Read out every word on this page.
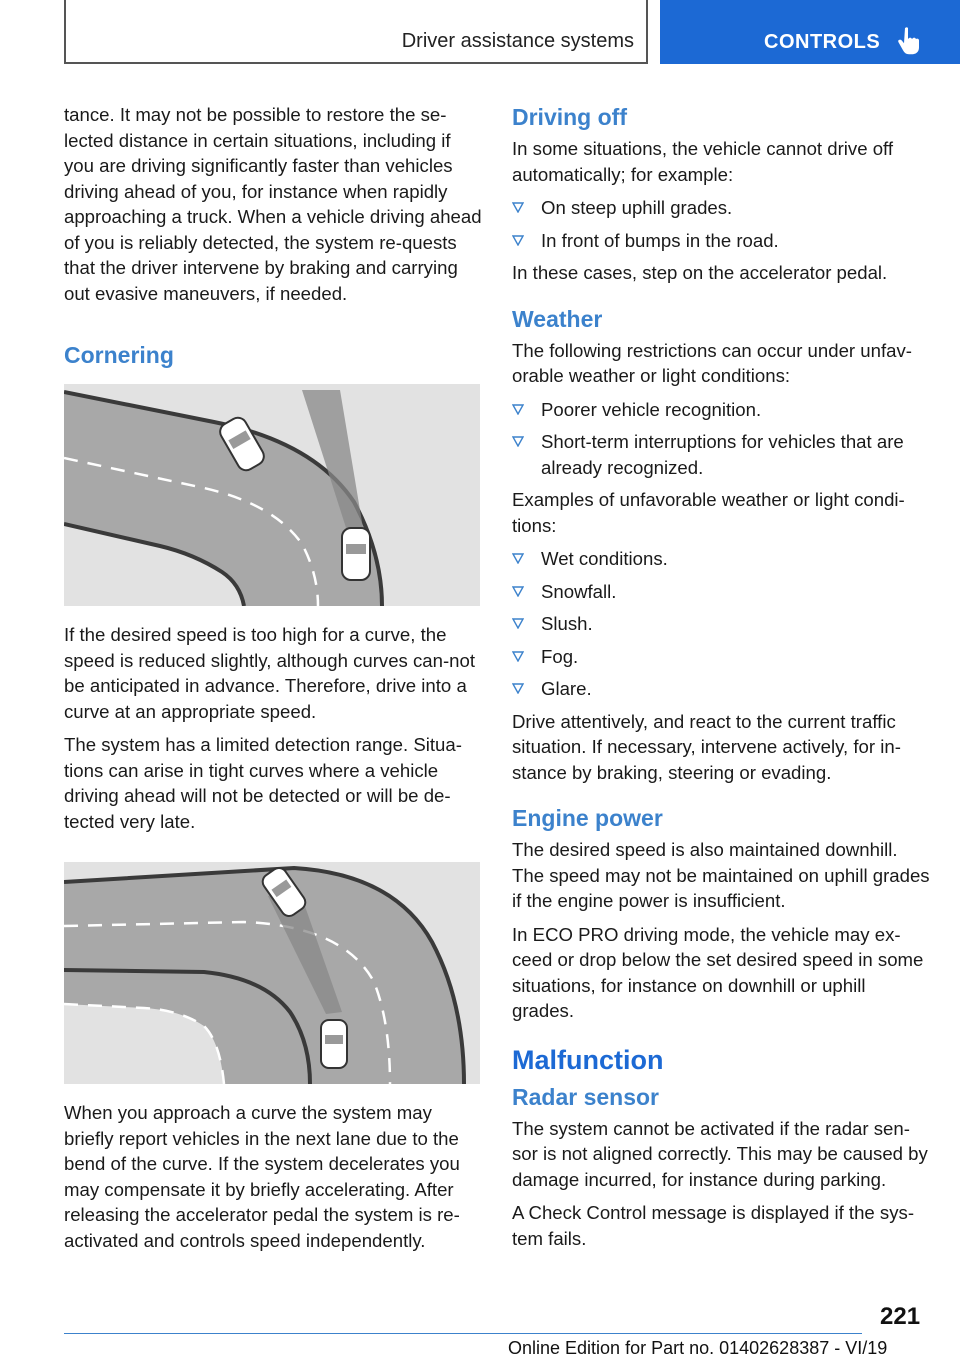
Driver assistance systems	CONTROLS

tance. It may not be possible to restore the se-lected distance in certain situations, including if you are driving significantly faster than vehicles driving ahead of you, for instance when rapidly approaching a truck. When a vehicle driving ahead of you is reliably detected, the system re-quests that the driver intervene by braking and carrying out evasive maneuvers, if needed.

Cornering

If the desired speed is too high for a curve, the speed is reduced slightly, although curves can-not be anticipated in advance. Therefore, drive into a curve at an appropriate speed.

The system has a limited detection range. Situa-tions can arise in tight curves where a vehicle driving ahead will not be detected or will be de-tected very late.

When you approach a curve the system may briefly report vehicles in the next lane due to the bend of the curve. If the system decelerates you may compensate it by briefly accelerating. After releasing the accelerator pedal the system is re-activated and controls speed independently.

Driving off

In some situations, the vehicle cannot drive off automatically; for example:

On steep uphill grades.
In front of bumps in the road.

In these cases, step on the accelerator pedal.

Weather

The following restrictions can occur under unfav-orable weather or light conditions:

Poorer vehicle recognition.
Short-term interruptions for vehicles that are already recognized.

Examples of unfavorable weather or light condi-tions:

Wet conditions.
Snowfall.
Slush.
Fog.
Glare.

Drive attentively, and react to the current traffic situation. If necessary, intervene actively, for in-stance by braking, steering or evading.

Engine power

The desired speed is also maintained downhill. The speed may not be maintained on uphill grades if the engine power is insufficient.

In ECO PRO driving mode, the vehicle may ex-ceed or drop below the set desired speed in some situations, for instance on downhill or uphill grades.

Malfunction
Radar sensor

The system cannot be activated if the radar sen-sor is not aligned correctly. This may be caused by damage incurred, for instance during parking.

A Check Control message is displayed if the sys-tem fails.

221
Online Edition for Part no. 01402628387 - VI/19
